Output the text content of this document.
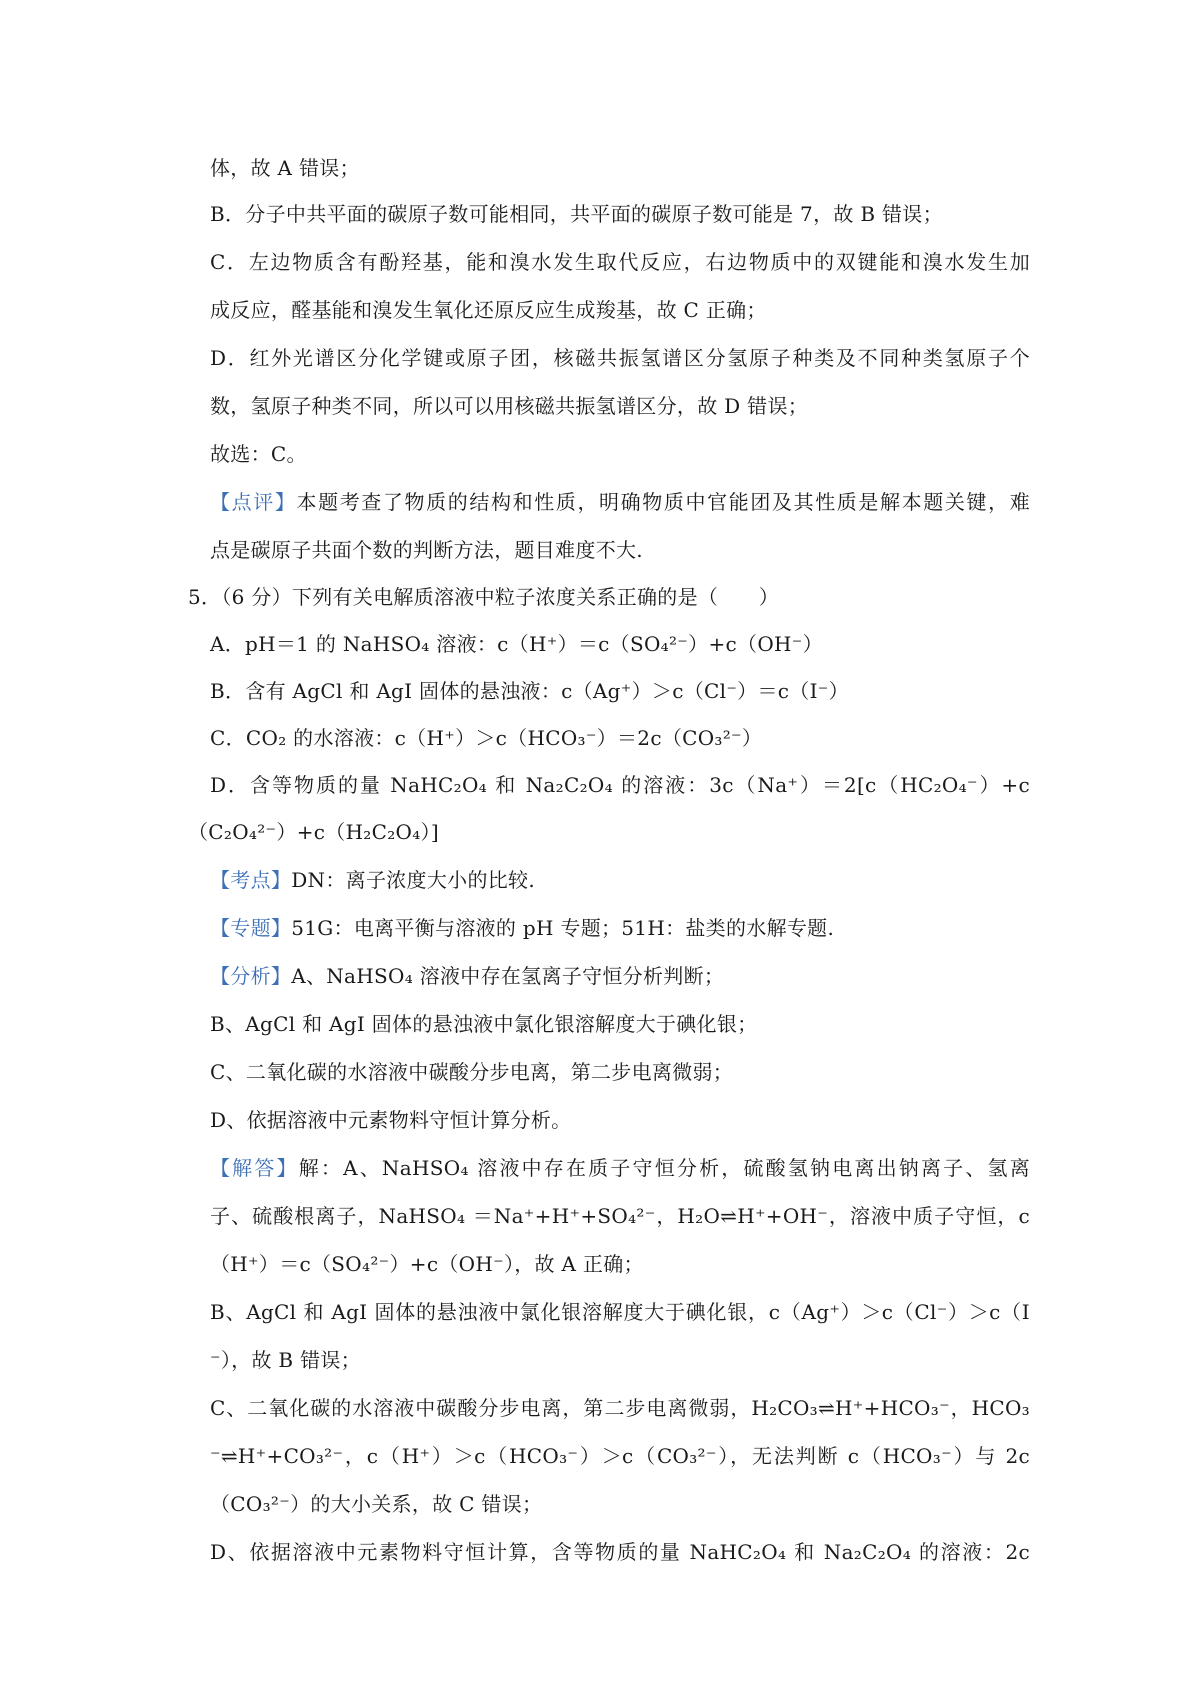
体，故 A 错误；
B．分子中共平面的碳原子数可能相同，共平面的碳原子数可能是 7，故 B 错误；
C．左边物质含有酚羟基，能和溴水发生取代反应，右边物质中的双键能和溴水发生加
成反应，醛基能和溴发生氧化还原反应生成羧基，故 C 正确；
D．红外光谱区分化学键或原子团，核磁共振氢谱区分氢原子种类及不同种类氢原子个
数，氢原子种类不同，所以可以用核磁共振氢谱区分，故 D 错误；
故选：C。
【点评】本题考查了物质的结构和性质，明确物质中官能团及其性质是解本题关键，难
点是碳原子共面个数的判断方法，题目难度不大.
5．（6 分）下列有关电解质溶液中粒子浓度关系正确的是（　　）
A．pH＝1 的 NaHSO₄ 溶液：c（H⁺）＝c（SO₄²⁻）+c（OH⁻）
B．含有 AgCl 和 AgI 固体的悬浊液：c（Ag⁺）＞c（Cl⁻）＝c（I⁻）
C．CO₂ 的水溶液：c（H⁺）＞c（HCO₃⁻）＝2c（CO₃²⁻）
D．含等物质的量 NaHC₂O₄ 和 Na₂C₂O₄ 的溶液：3c（Na⁺）＝2[c（HC₂O₄⁻）+c
（C₂O₄²⁻）+c（H₂C₂O₄）]
【考点】DN：离子浓度大小的比较.
【专题】51G：电离平衡与溶液的 pH 专题；51H：盐类的水解专题.
【分析】A、NaHSO₄ 溶液中存在氢离子守恒分析判断；
B、AgCl 和 AgI 固体的悬浊液中氯化银溶解度大于碘化银；
C、二氧化碳的水溶液中碳酸分步电离，第二步电离微弱；
D、依据溶液中元素物料守恒计算分析。
【解答】解：A、NaHSO₄ 溶液中存在质子守恒分析，硫酸氢钠电离出钠离子、氢离
子、硫酸根离子，NaHSO₄ ＝Na⁺+H⁺+SO₄²⁻，H₂O⇌H⁺+OH⁻，溶液中质子守恒，c
（H⁺）＝c（SO₄²⁻）+c（OH⁻），故 A 正确；
B、AgCl 和 AgI 固体的悬浊液中氯化银溶解度大于碘化银，c（Ag⁺）＞c（Cl⁻）＞c（I
⁻），故 B 错误；
C、二氧化碳的水溶液中碳酸分步电离，第二步电离微弱，H₂CO₃⇌H⁺+HCO₃⁻，HCO₃
⁻⇌H⁺+CO₃²⁻，c（H⁺）＞c（HCO₃⁻）＞c（CO₃²⁻），无法判断 c（HCO₃⁻）与 2c
（CO₃²⁻）的大小关系，故 C 错误；
D、依据溶液中元素物料守恒计算，含等物质的量 NaHC₂O₄ 和 Na₂C₂O₄ 的溶液：2c
